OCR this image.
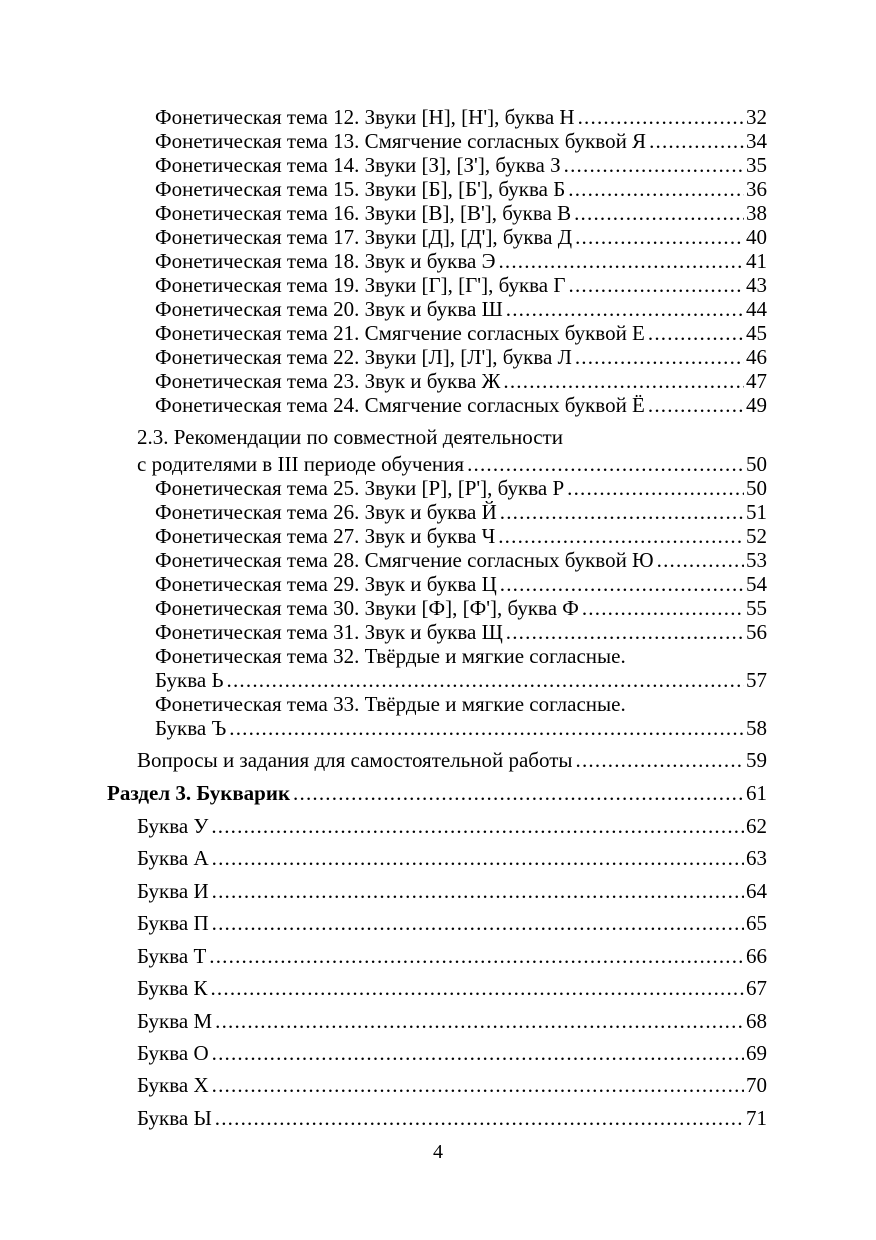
Фонетическая тема 12. Звуки [Н], [Н'], буква Н .....	32
Фонетическая тема 13. Смягчение согласных буквой Я .....	34
Фонетическая тема 14. Звуки [З], [З'], буква З .....	35
Фонетическая тема 15. Звуки [Б], [Б'], буква Б .....	36
Фонетическая тема 16. Звуки [В], [В'], буква В .....	38
Фонетическая тема 17. Звуки [Д], [Д'], буква Д .....	40
Фонетическая тема 18. Звук и буква Э .....	41
Фонетическая тема 19. Звуки [Г], [Г'], буква Г .....	43
Фонетическая тема 20. Звук и буква Ш .....	44
Фонетическая тема 21. Смягчение согласных буквой Е .....	45
Фонетическая тема 22. Звуки [Л], [Л'], буква Л .....	46
Фонетическая тема 23. Звук и буква Ж .....	47
Фонетическая тема 24. Смягчение согласных буквой Ё .....	49
2.3. Рекомендации по совместной деятельности
с родителями в III периоде обучения .....	50
Фонетическая тема 25. Звуки [Р], [Р'], буква Р .....	50
Фонетическая тема 26. Звук и буква Й .....	51
Фонетическая тема 27. Звук и буква Ч .....	52
Фонетическая тема 28. Смягчение согласных буквой Ю .....	53
Фонетическая тема 29. Звук и буква Ц .....	54
Фонетическая тема 30. Звуки [Ф], [Ф'], буква Ф .....	55
Фонетическая тема 31. Звук и буква Щ .....	56
Фонетическая тема 32. Твёрдые и мягкие согласные.
Буква Ь .....	57
Фонетическая тема 33. Твёрдые и мягкие согласные.
Буква Ъ .....	58
Вопросы и задания для самостоятельной работы .....	59
Раздел 3. Букварик .....	61
Буква У .....	62
Буква А .....	63
Буква И .....	64
Буква П .....	65
Буква Т .....	66
Буква К .....	67
Буква М .....	68
Буква О .....	69
Буква Х .....	70
Буква Ы .....	71
4
